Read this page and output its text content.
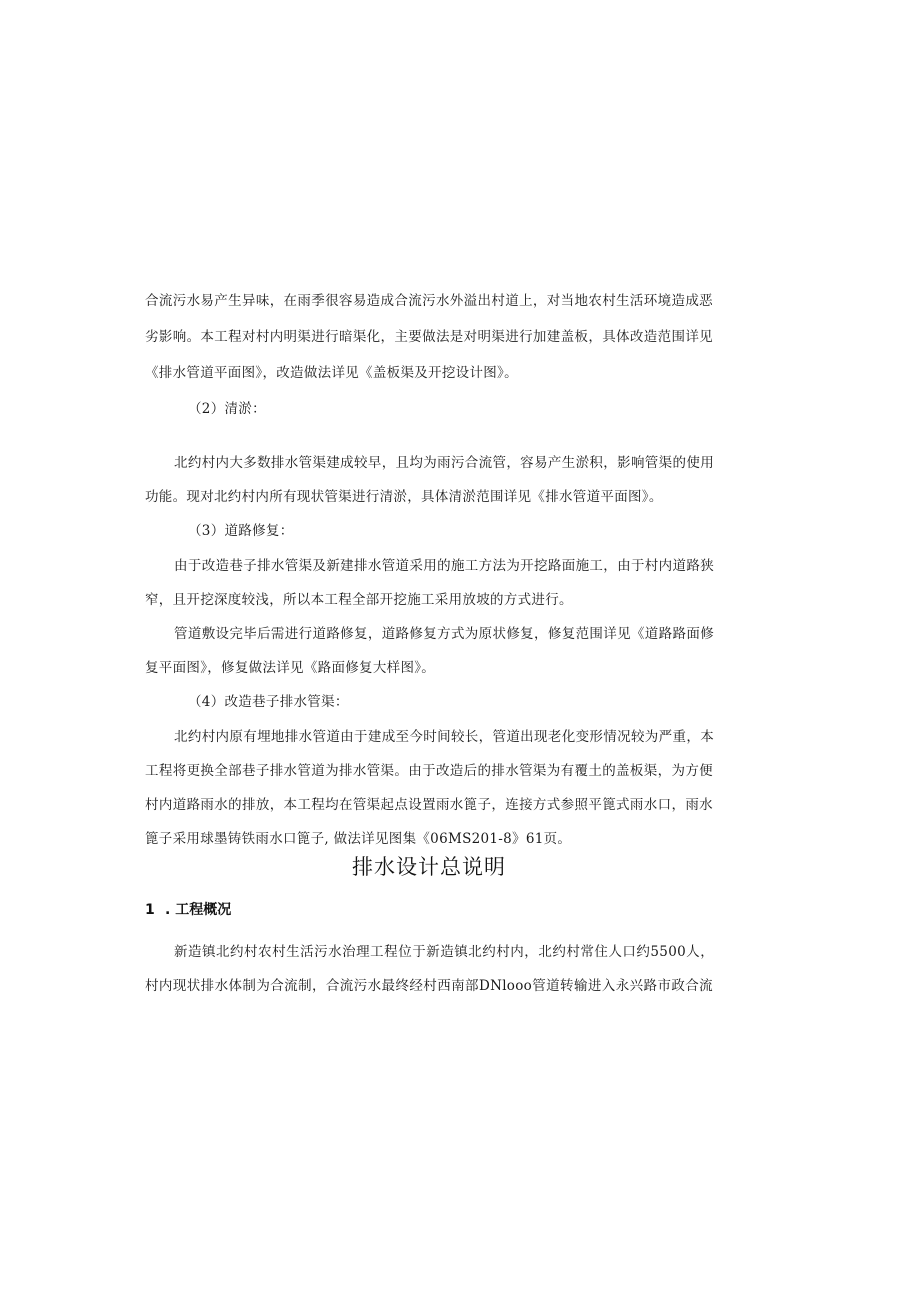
合流污水易产生异味，在雨季很容易造成合流污水外溢出村道上，对当地农村生活环境造成恶
劣影响。本工程对村内明渠进行暗渠化，主要做法是对明渠进行加建盖板，具体改造范围详见
《排水管道平面图》，改造做法详见《盖板渠及开挖设计图》。
（2）清淤：
北约村内大多数排水管渠建成较早，且均为雨污合流管，容易产生淤积，影响管渠的使用
功能。现对北约村内所有现状管渠进行清淤，具体清淤范围详见《排水管道平面图》。
（3）道路修复：
由于改造巷子排水管渠及新建排水管道采用的施工方法为开挖路面施工，由于村内道路狭
窄，且开挖深度较浅，所以本工程全部开挖施工采用放坡的方式进行。
管道敷设完毕后需进行道路修复，道路修复方式为原状修复，修复范围详见《道路路面修
复平面图》，修复做法详见《路面修复大样图》。
（4）改造巷子排水管渠：
北约村内原有埋地排水管道由于建成至今时间较长，管道出现老化变形情况较为严重，本
工程将更换全部巷子排水管道为排水管渠。由于改造后的排水管渠为有覆土的盖板渠，为方便
村内道路雨水的排放，本工程均在管渠起点设置雨水篦子，连接方式参照平篦式雨水口，雨水
篦子采用球墨铸铁雨水口篦子, 做法详见图集《06MS201-8》61页。
排水设计总说明
1 . 工程概况
新造镇北约村农村生活污水治理工程位于新造镇北约村内，北约村常住人口约5500人，
村内现状排水体制为合流制，合流污水最终经村西南部DNlooo管道转输进入永兴路市政合流
